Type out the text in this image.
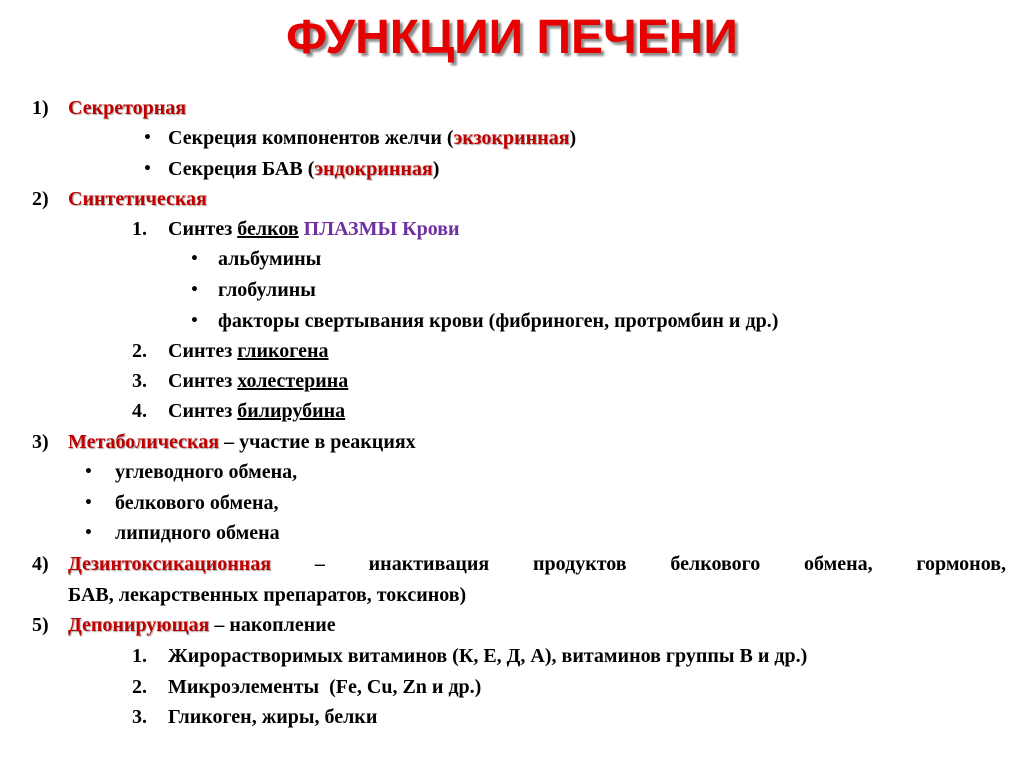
ФУНКЦИИ ПЕЧЕНИ
1) Секреторная
• Секреция компонентов желчи (экзокринная)
• Секреция БАВ (эндокринная)
2) Синтетическая
1. Синтез белков ПЛАЗМЫ Крови
• альбумины
• глобулины
• факторы свертывания крови (фибриноген, протромбин и др.)
2. Синтез гликогена
3. Синтез холестерина
4. Синтез билирубина
3) Метаболическая – участие в реакциях
• углеводного обмена,
• белкового обмена,
• липидного обмена
4) Дезинтоксикационная – инактивация продуктов белкового обмена, гормонов,
БАВ, лекарственных препаратов, токсинов)
5) Депонирующая – накопление
1. Жирорастворимых витаминов (К, Е, Д, А), витаминов группы В и др.)
2. Микроэлементы  (Fe, Cu, Zn и др.)
3. Гликоген, жиры, белки
